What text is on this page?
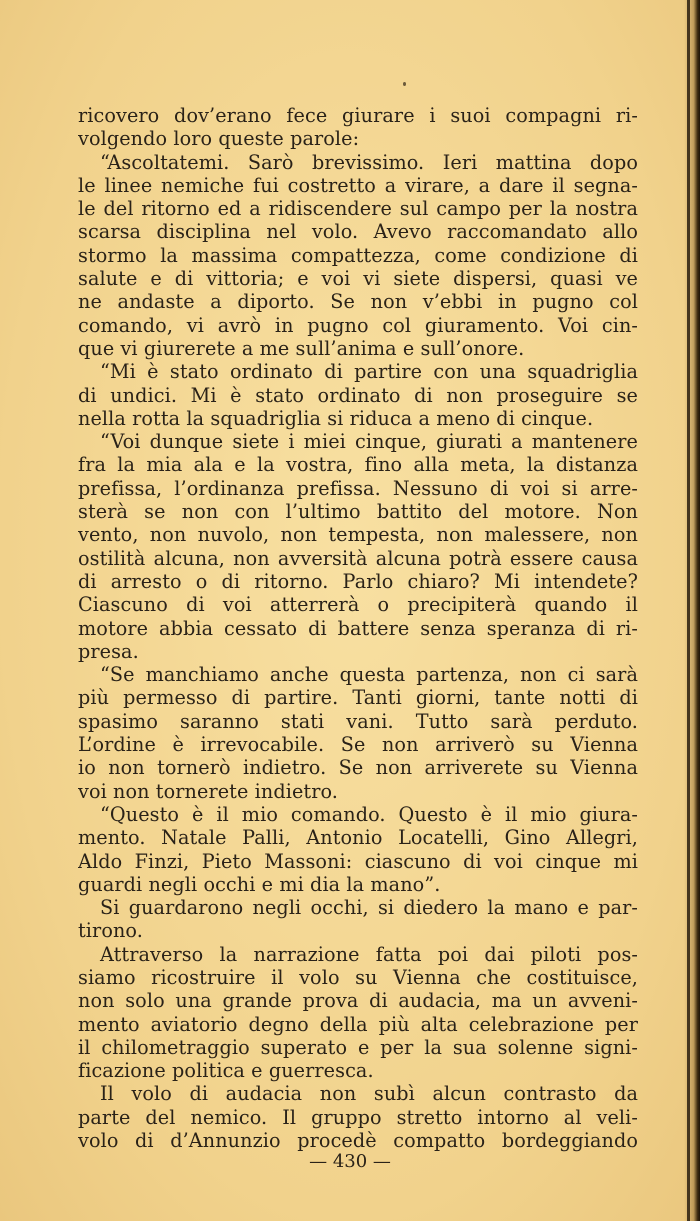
ricovero dov’erano fece giurare i suoi compagni ri-
volgendo loro queste parole:
“Ascoltatemi. Sarò brevissimo. Ieri mattina dopo
le linee nemiche fui costretto a virare, a dare il segna-
le del ritorno ed a ridiscendere sul campo per la nostra
scarsa disciplina nel volo. Avevo raccomandato allo
stormo la massima compattezza, come condizione di
salute e di vittoria; e voi vi siete dispersi, quasi ve
ne andaste a diporto. Se non v’ebbi in pugno col
comando, vi avrò in pugno col giuramento. Voi cin-
que vi giurerete a me sull’anima e sull’onore.
“Mi è stato ordinato di partire con una squadriglia
di undici. Mi è stato ordinato di non proseguire se
nella rotta la squadriglia si riduca a meno di cinque.
“Voi dunque siete i miei cinque, giurati a mantenere
fra la mia ala e la vostra, fino alla meta, la distanza
prefissa, l’ordinanza prefissa. Nessuno di voi si arre-
sterà se non con l’ultimo battito del motore. Non
vento, non nuvolo, non tempesta, non malessere, non
ostilità alcuna, non avversità alcuna potrà essere causa
di arresto o di ritorno. Parlo chiaro? Mi intendete?
Ciascuno di voi atterrerà o precipiterà quando il
motore abbia cessato di battere senza speranza di ri-
presa.
“Se manchiamo anche questa partenza, non ci sarà
più permesso di partire. Tanti giorni, tante notti di
spasimo saranno stati vani. Tutto sarà perduto.
L’ordine è irrevocabile. Se non arriverò su Vienna
io non tornerò indietro. Se non arriverete su Vienna
voi non tornerete indietro.
“Questo è il mio comando. Questo è il mio giura-
mento. Natale Palli, Antonio Locatelli, Gino Allegri,
Aldo Finzi, Pieto Massoni: ciascuno di voi cinque mi
guardi negli occhi e mi dia la mano”.
Si guardarono negli occhi, si diedero la mano e par-
tirono.
Attraverso la narrazione fatta poi dai piloti pos-
siamo ricostruire il volo su Vienna che costituisce,
non solo una grande prova di audacia, ma un avveni-
mento aviatorio degno della più alta celebrazione per
il chilometraggio superato e per la sua solenne signi-
ficazione politica e guerresca.
Il volo di audacia non subì alcun contrasto da
parte del nemico. Il gruppo stretto intorno al veli-
volo di d’Annunzio procedè compatto bordeggiando
— 430 —
